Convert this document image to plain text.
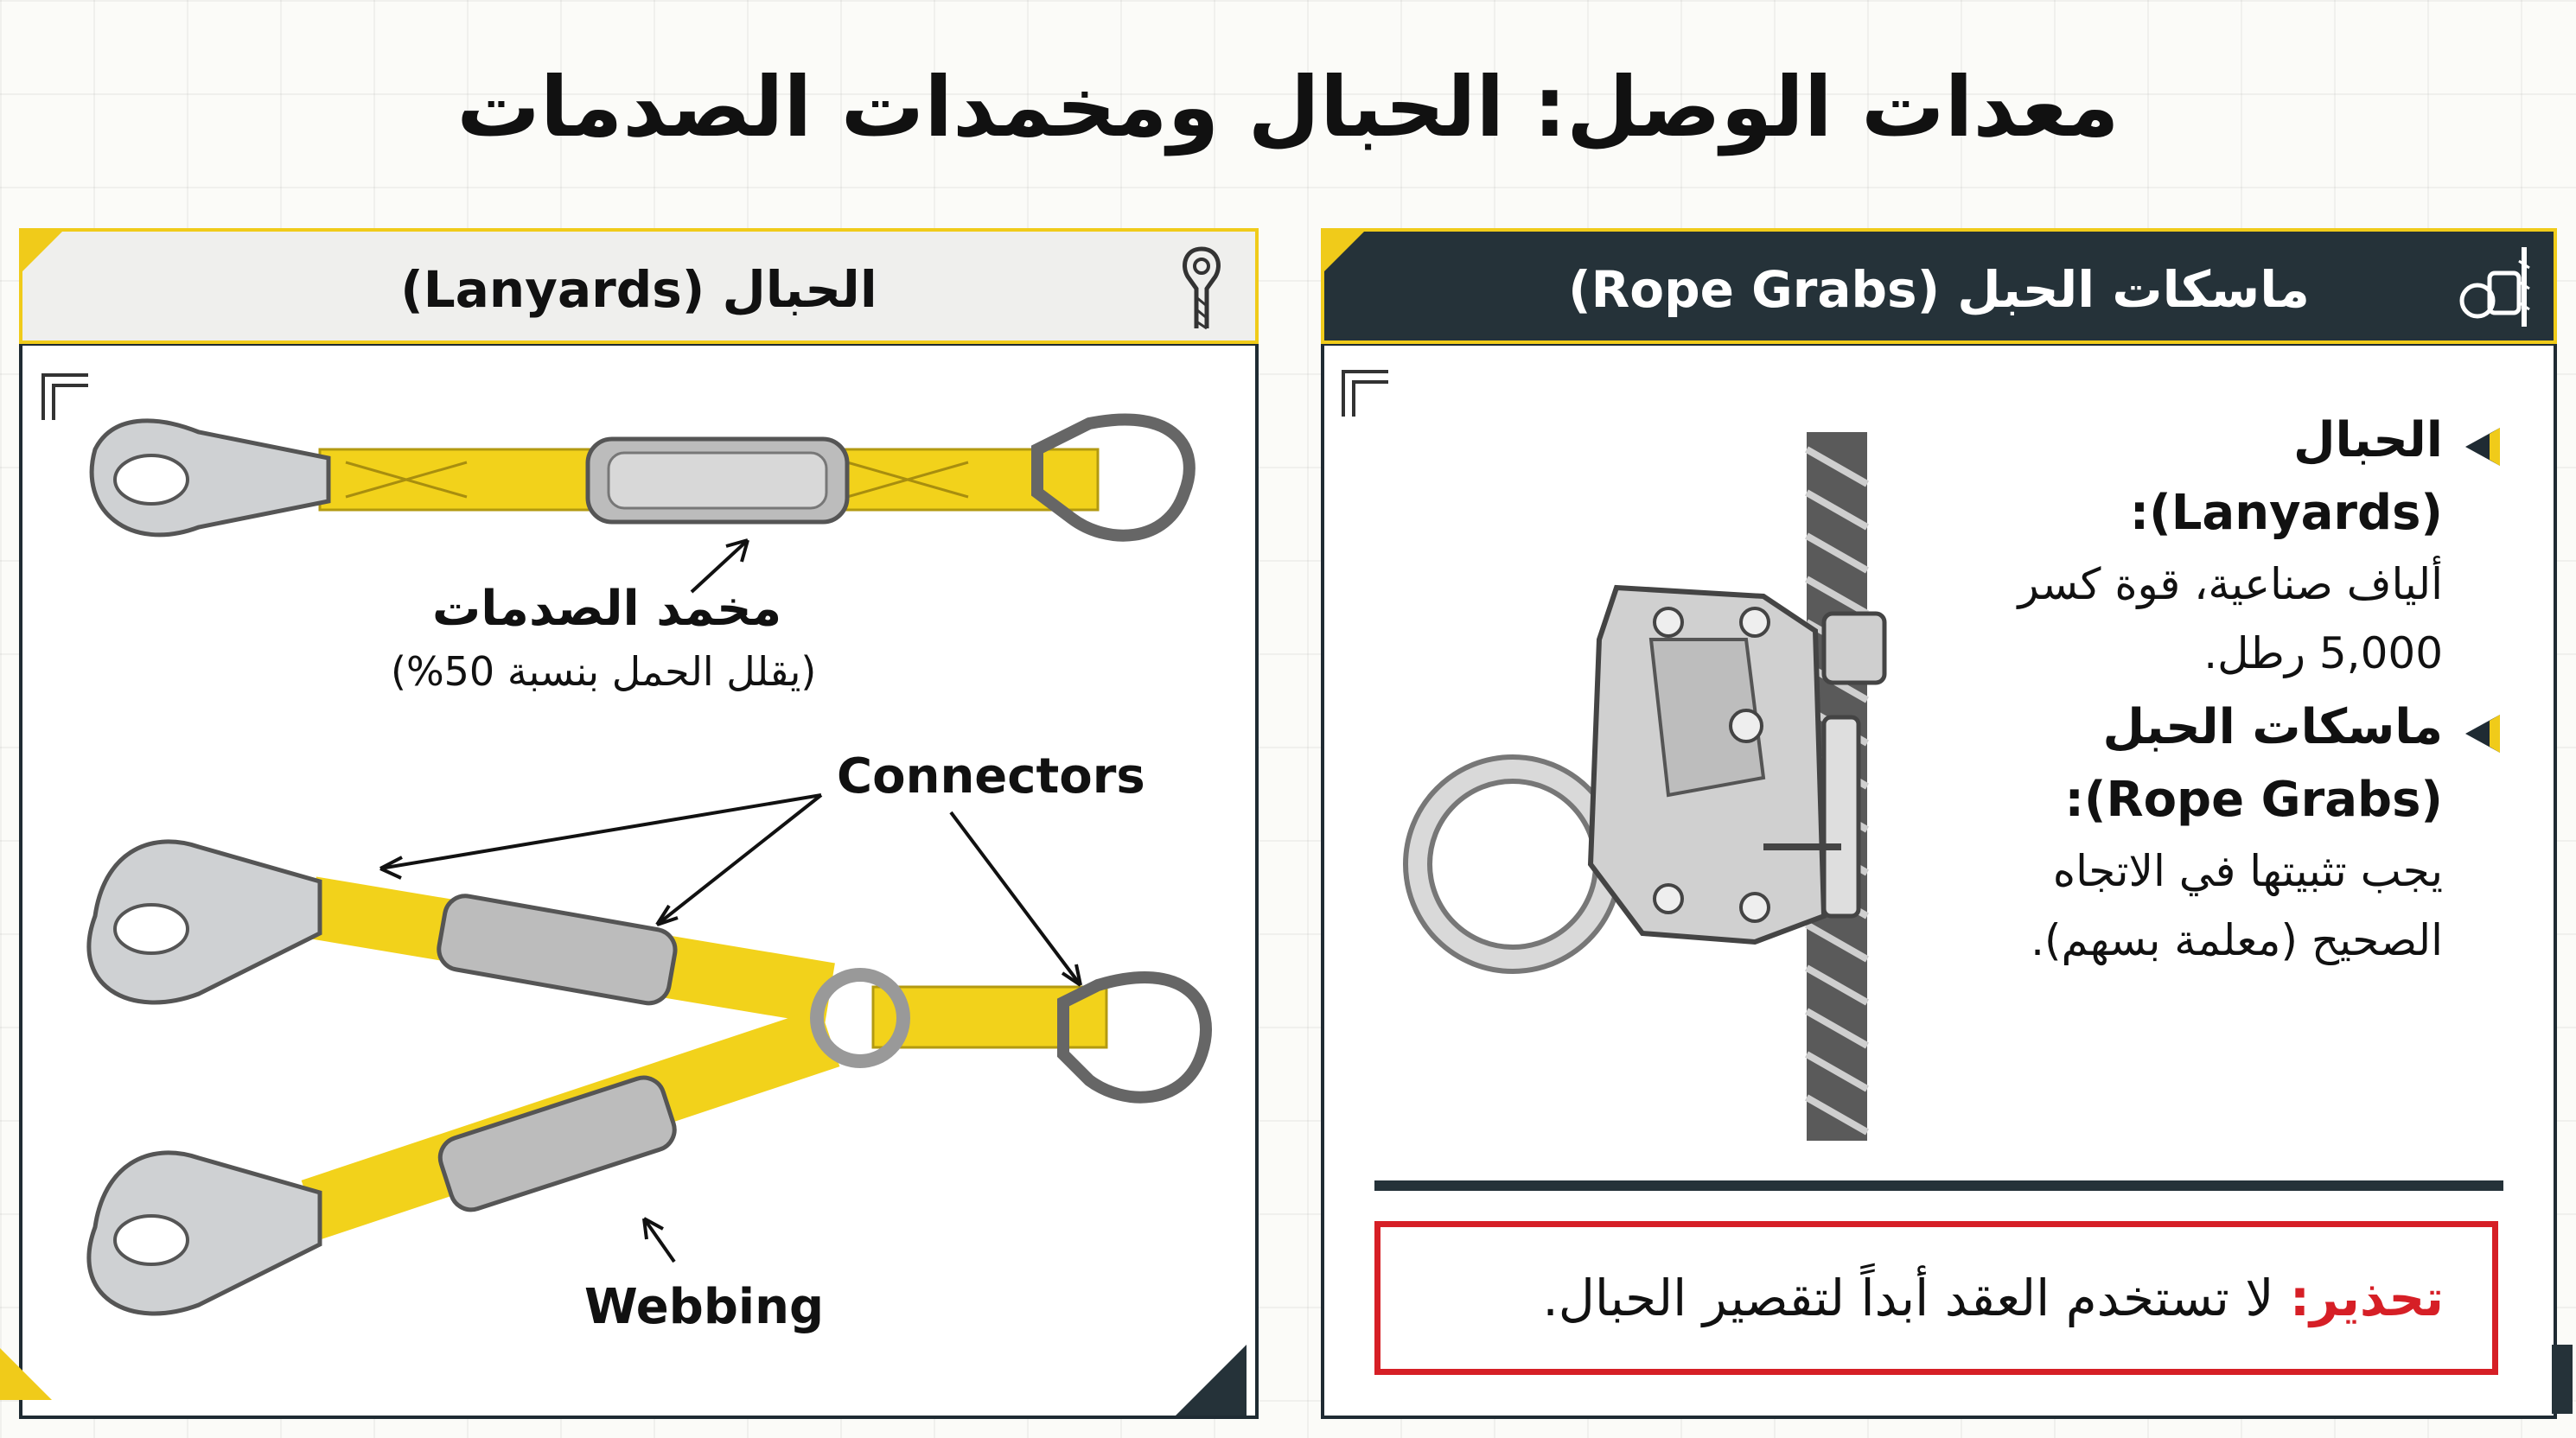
معدات الوصل: الحبال ومخمدات الصدمات
الحبال (Lanyards)
مخمد الصدمات
(يقلل الحمل بنسبة 50%)
Connectors
Webbing
ماسكات الحبل (Rope Grabs)
الحبال (Lanyards):
ألياف صناعية، قوة كسر
5,000 رطل.
ماسكات الحبل
(Rope Grabs):
يجب تثبيتها في الاتجاه
الصحيح (معلمة بسهم).
تحذير: لا تستخدم العقد أبداً لتقصير الحبال.
